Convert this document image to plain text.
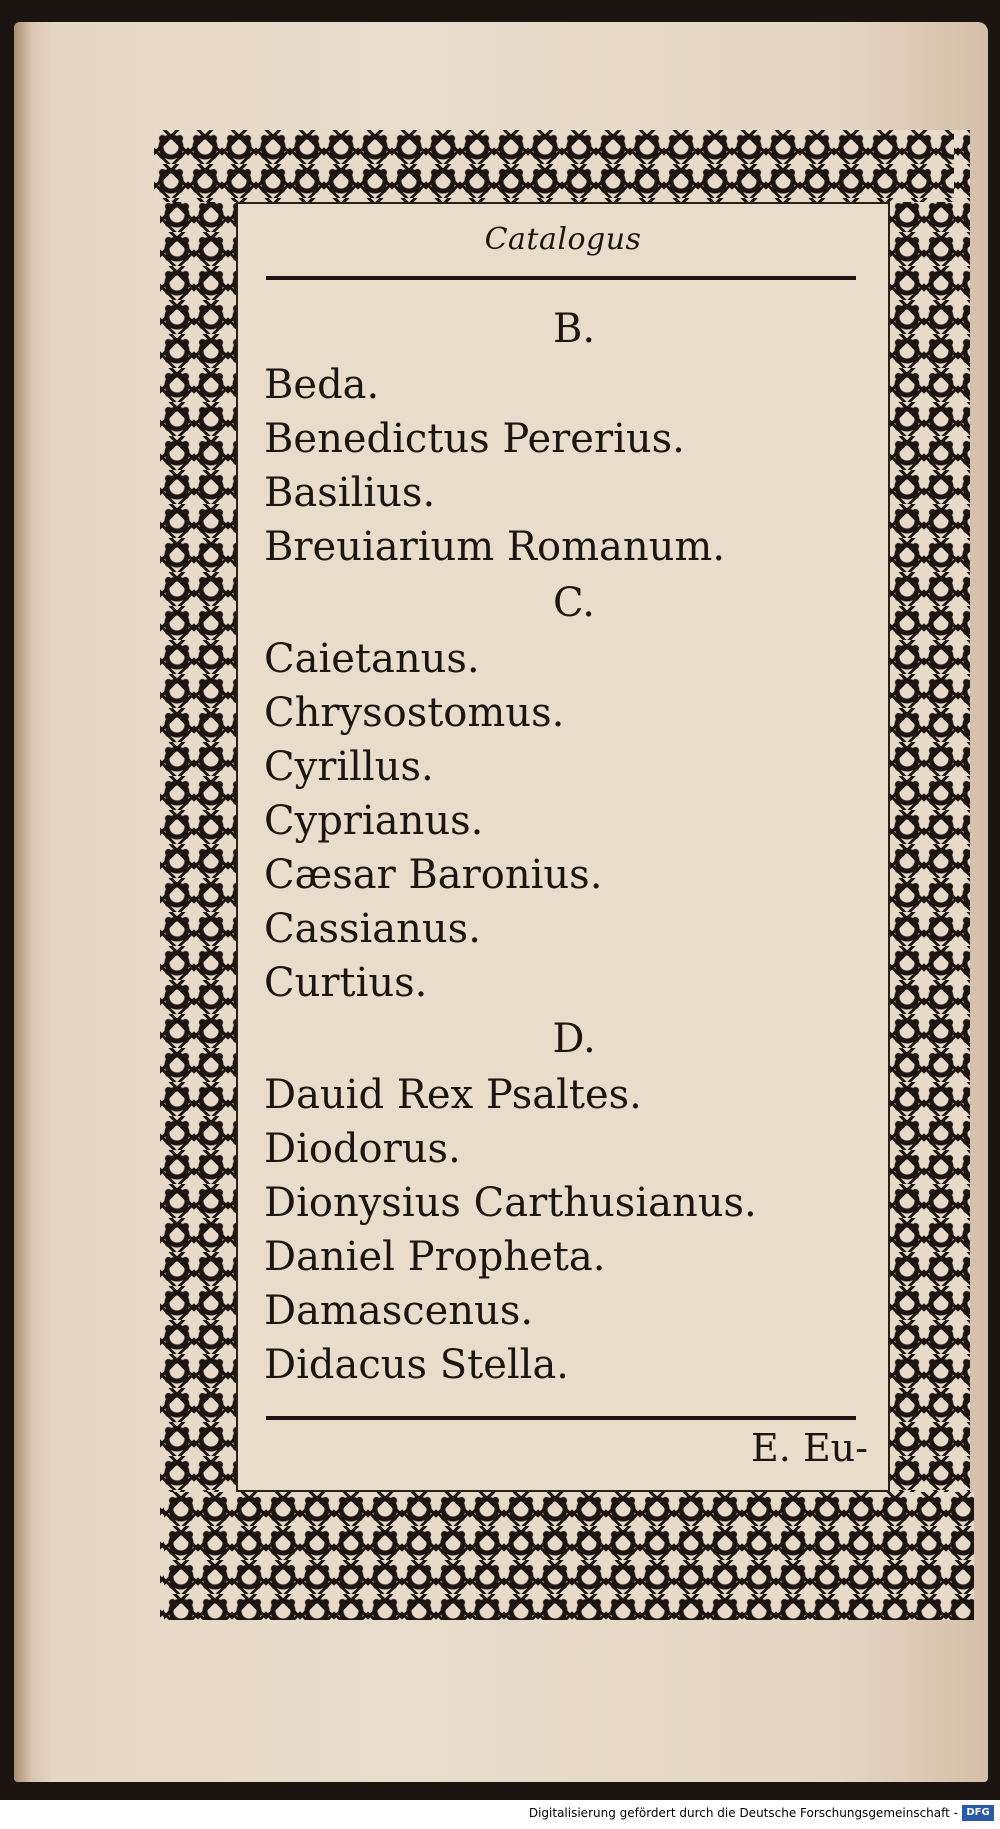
Catalogus
B.
Beda.
Benedictus Pererius.
Basilius.
Breuiarium Romanum.
C.
Caietanus.
Chrysostomus.
Cyrillus.
Cyprianus.
Cæsar Baronius.
Cassianus.
Curtius.
D.
Dauid Rex Psaltes.
Diodorus.
Dionysius Carthusianus.
Daniel Propheta.
Damascenus.
Didacus Stella.
E. Eu-
Digitalisierung gefördert durch die Deutsche Forschungsgemeinschaft - DFG
